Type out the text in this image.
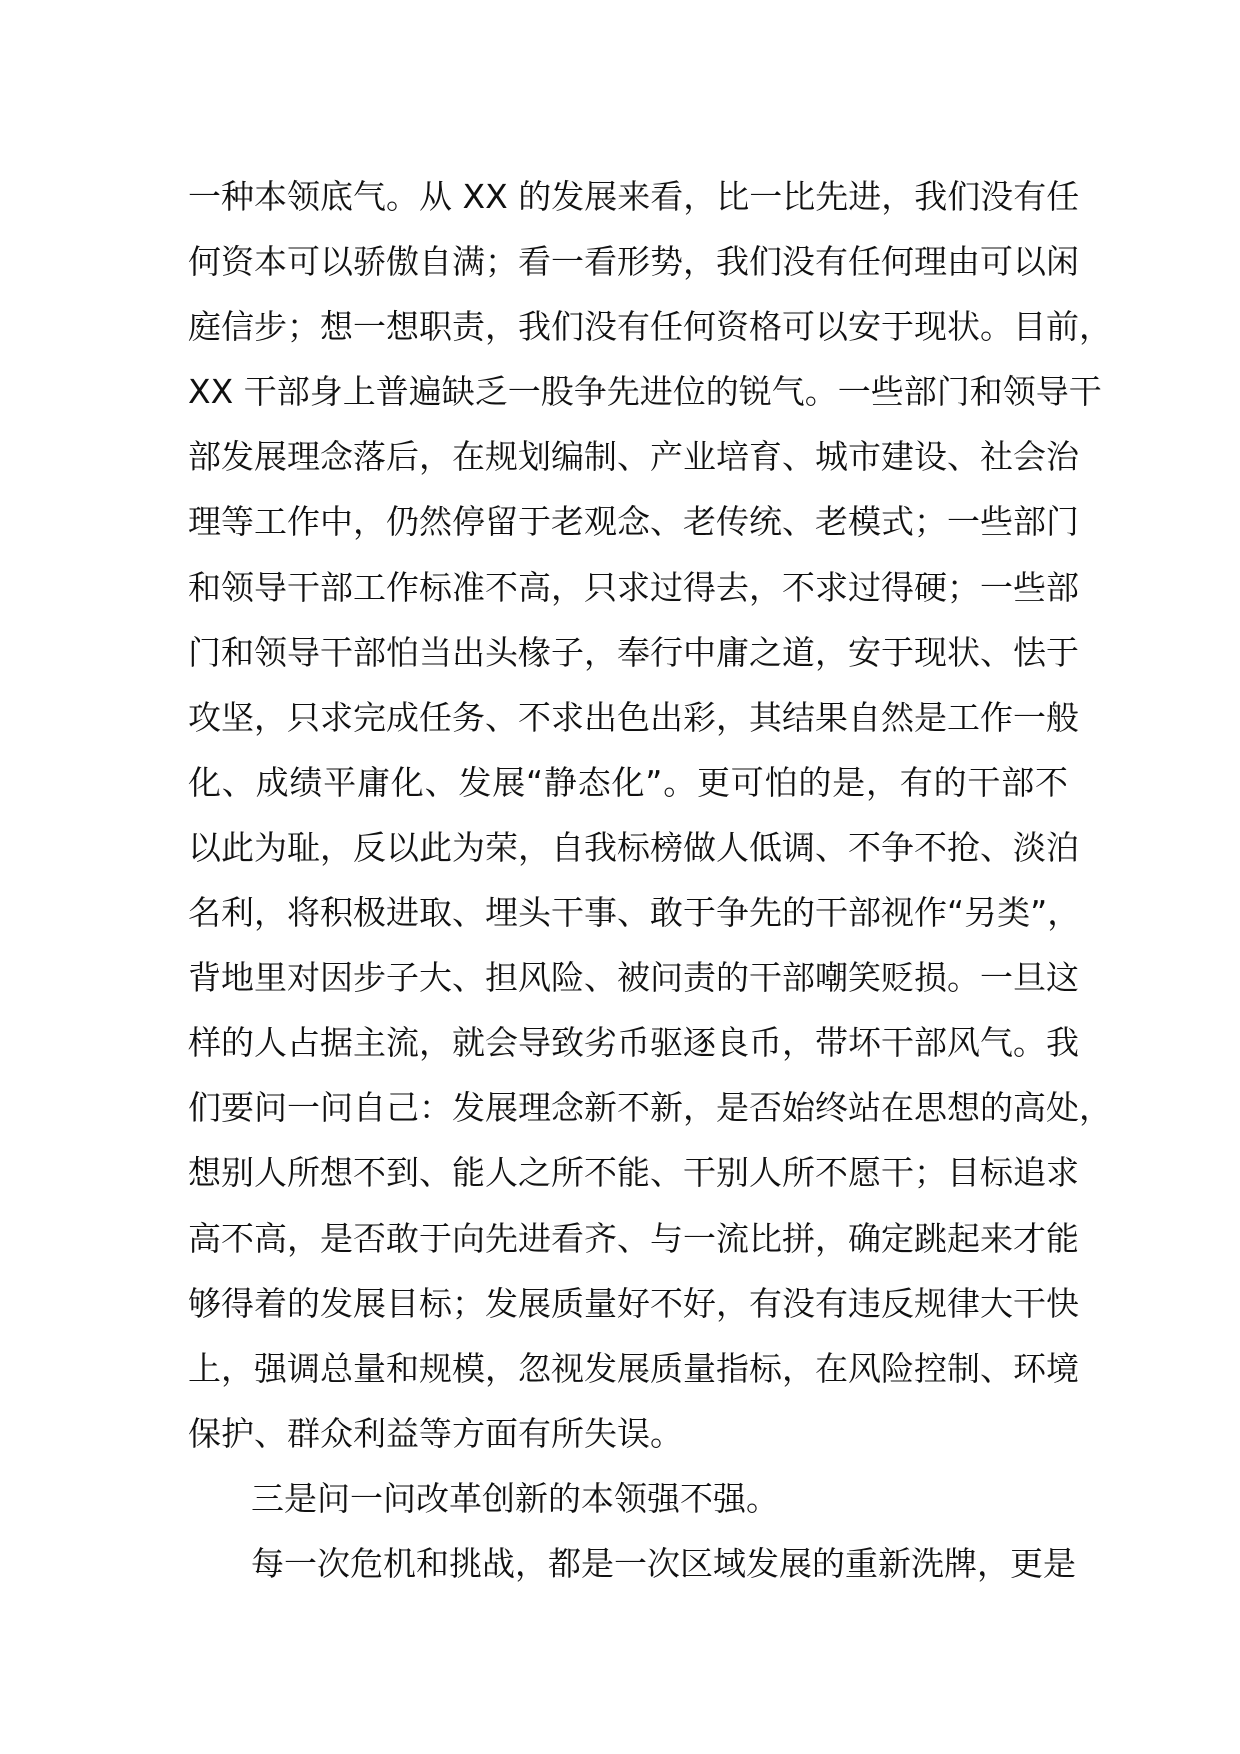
一种本领底气。从 XX 的发展来看，比一比先进，我们没有任
何资本可以骄傲自满；看一看形势，我们没有任何理由可以闲
庭信步；想一想职责，我们没有任何资格可以安于现状。目前，
XX 干部身上普遍缺乏一股争先进位的锐气。一些部门和领导干
部发展理念落后，在规划编制、产业培育、城市建设、社会治
理等工作中，仍然停留于老观念、老传统、老模式；一些部门
和领导干部工作标准不高，只求过得去，不求过得硬；一些部
门和领导干部怕当出头椽子，奉行中庸之道，安于现状、怯于
攻坚，只求完成任务、不求出色出彩，其结果自然是工作一般
化、成绩平庸化、发展“静态化”。更可怕的是，有的干部不
以此为耻，反以此为荣，自我标榜做人低调、不争不抢、淡泊
名利，将积极进取、埋头干事、敢于争先的干部视作“另类”，
背地里对因步子大、担风险、被问责的干部嘲笑贬损。一旦这
样的人占据主流，就会导致劣币驱逐良币，带坏干部风气。我
们要问一问自己：发展理念新不新，是否始终站在思想的高处，
想别人所想不到、能人之所不能、干别人所不愿干；目标追求
高不高，是否敢于向先进看齐、与一流比拼，确定跳起来才能
够得着的发展目标；发展质量好不好，有没有违反规律大干快
上，强调总量和规模，忽视发展质量指标，在风险控制、环境
保护、群众利益等方面有所失误。
三是问一问改革创新的本领强不强。
每一次危机和挑战，都是一次区域发展的重新洗牌，更是
